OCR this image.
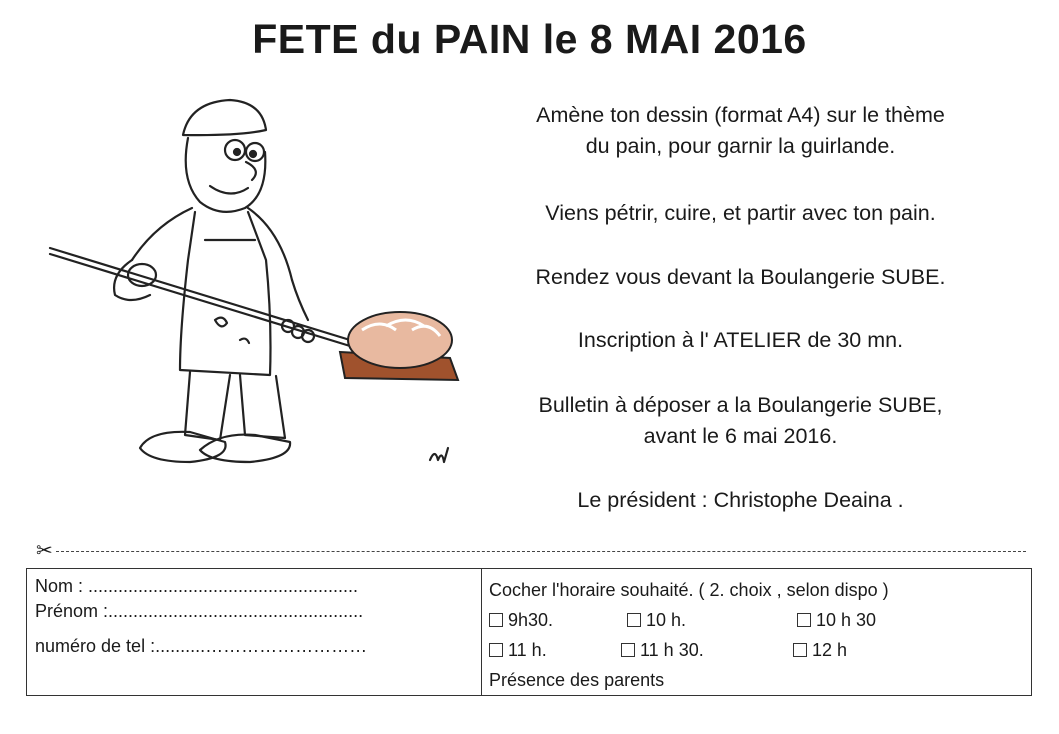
FETE du PAIN le 8 MAI 2016
Amène ton dessin (format A4) sur le thème
du pain, pour garnir la guirlande.
Viens pétrir, cuire, et partir avec ton pain.
Rendez vous devant la Boulangerie SUBE.
Inscription à l' ATELIER de 30 mn.
Bulletin à déposer a la Boulangerie SUBE,
avant le 6 mai 2016.
Le président : Christophe Deaina .
✂
Nom : ......................................................
Prénom :...................................................
numéro de tel :..........………………………
Cocher l'horaire souhaité. ( 2. choix , selon dispo )
9h30.	10 h.	10 h 30
11 h.	11 h 30.	12 h
Présence des parents
